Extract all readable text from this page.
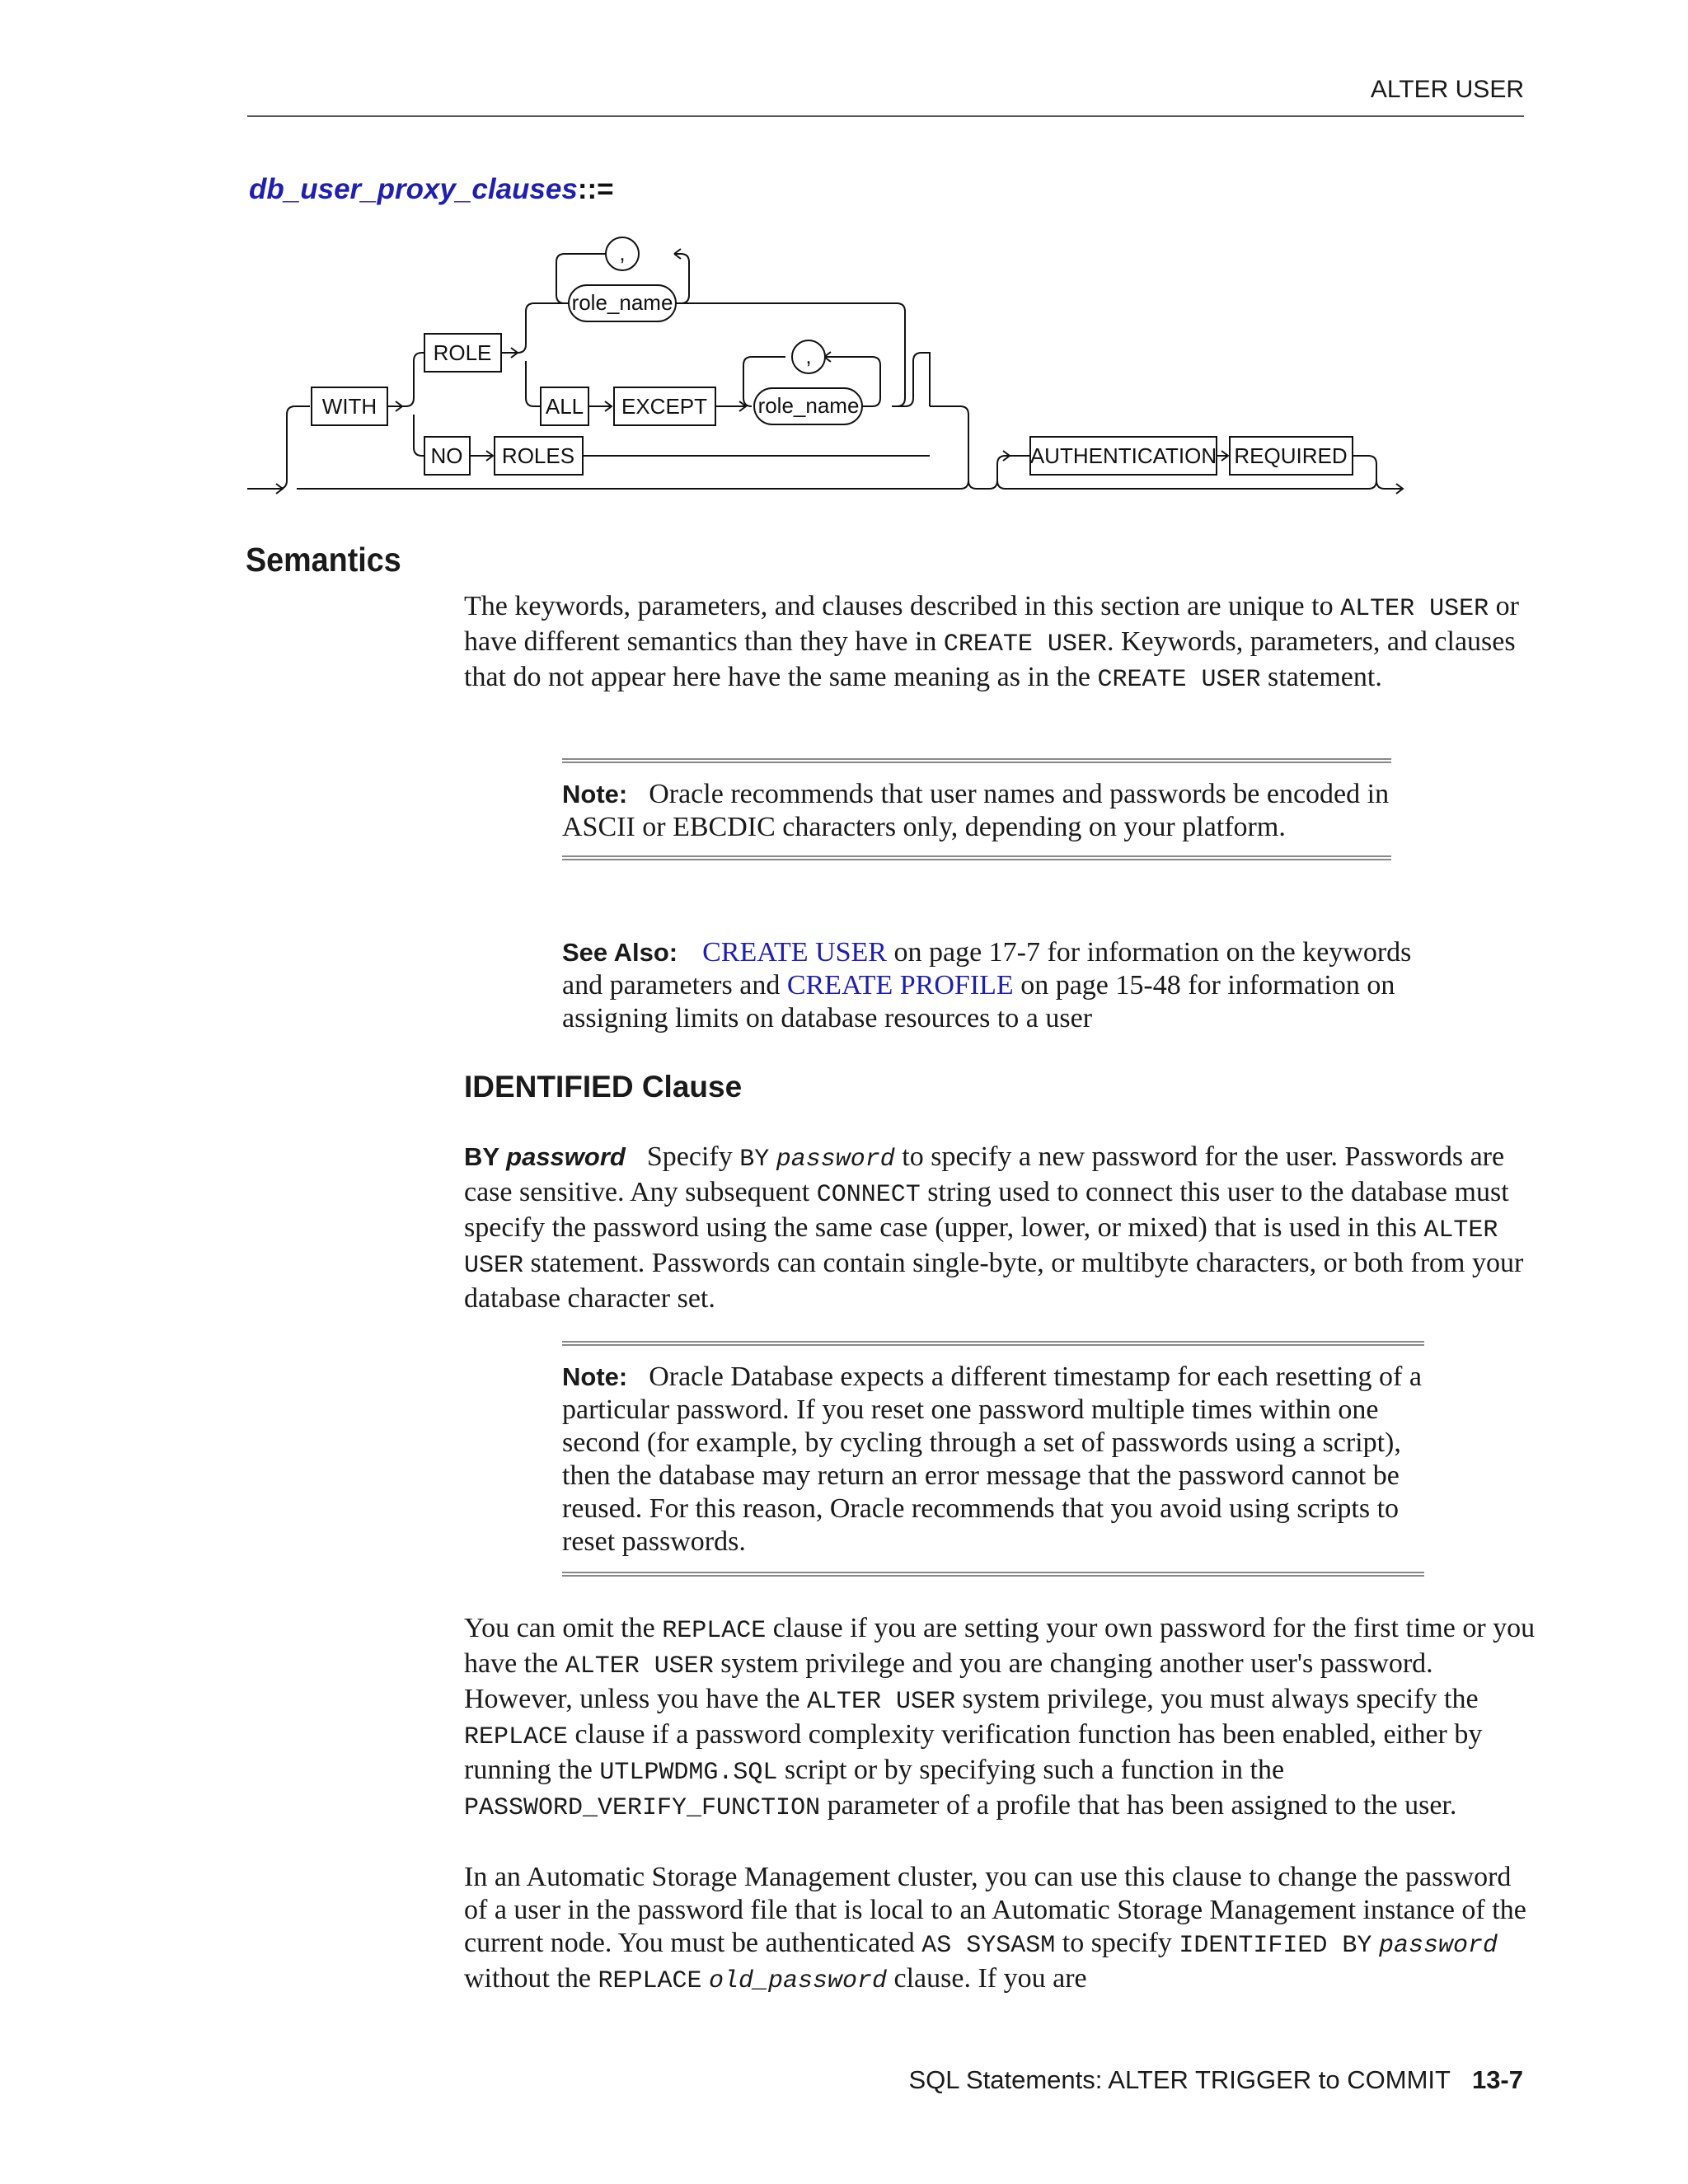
ALTER USER
db_user_proxy_clauses::=
WITH
ROLE
ALL EXCEPT
NO ROLES	AUTHENTICATION REQUIRED
role_name
role_name
,
,
Semantics

The keywords, parameters, and clauses described in this section are unique to ALTER USER or have different semantics than they have in CREATE USER. Keywords, parameters, and clauses that do not appear here have the same meaning as in the CREATE USER statement.

Note: Oracle recommends that user names and passwords be encoded in ASCII or EBCDIC characters only, depending on your platform.

See Also: CREATE USER on page 17-7 for information on the keywords and parameters and CREATE PROFILE on page 15-48 for information on assigning limits on database resources to a user

IDENTIFIED Clause

BY password Specify BY password to specify a new password for the user. Passwords are case sensitive. Any subsequent CONNECT string used to connect this user to the database must specify the password using the same case (upper, lower, or mixed) that is used in this ALTER USER statement. Passwords can contain single-byte, or multibyte characters, or both from your database character set.

Note: Oracle Database expects a different timestamp for each resetting of a particular password. If you reset one password multiple times within one second (for example, by cycling through a set of passwords using a script), then the database may return an error message that the password cannot be reused. For this reason, Oracle recommends that you avoid using scripts to reset passwords.

You can omit the REPLACE clause if you are setting your own password for the first time or you have the ALTER USER system privilege and you are changing another user's password. However, unless you have the ALTER USER system privilege, you must always specify the REPLACE clause if a password complexity verification function has been enabled, either by running the UTLPWDMG.SQL script or by specifying such a function in the PASSWORD_VERIFY_FUNCTION parameter of a profile that has been assigned to the user.

In an Automatic Storage Management cluster, you can use this clause to change the password of a user in the password file that is local to an Automatic Storage Management instance of the current node. You must be authenticated AS SYSASM to specify IDENTIFIED BY password without the REPLACE old_password clause. If you are

SQL Statements: ALTER TRIGGER to COMMIT 13-7
